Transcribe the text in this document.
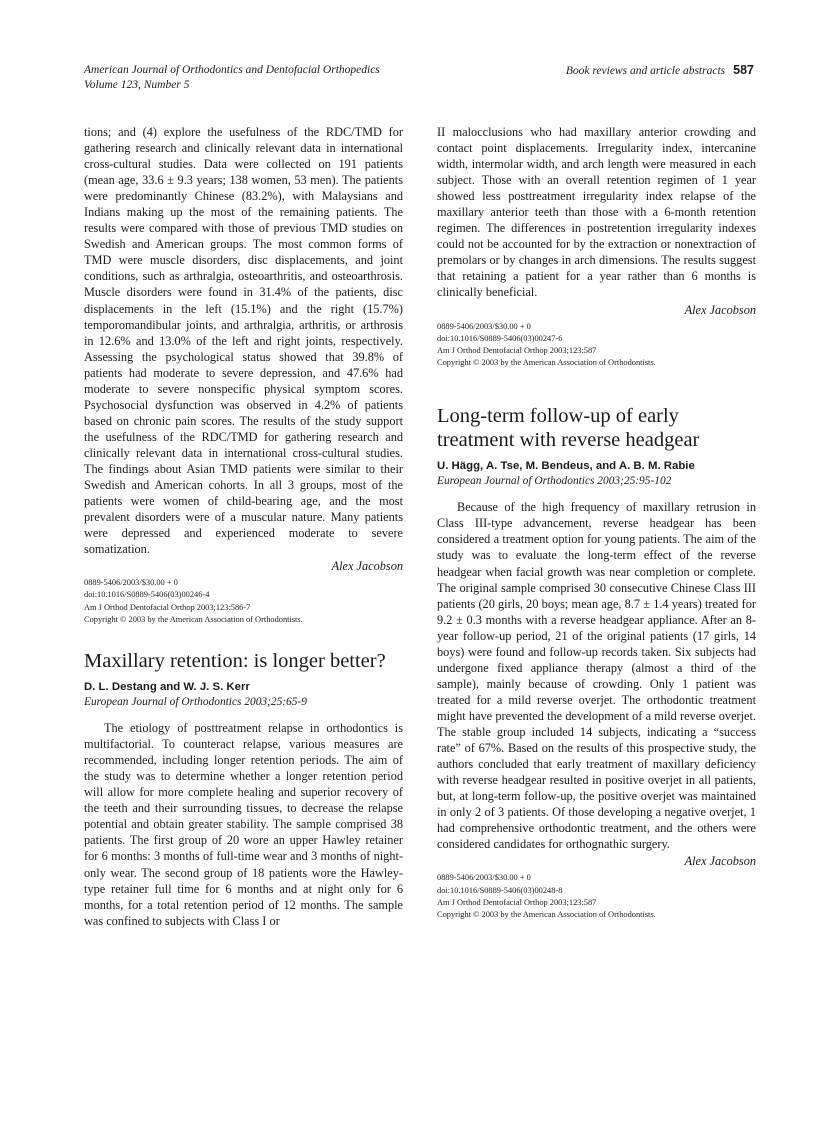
American Journal of Orthodontics and Dentofacial Orthopedics
Volume 123, Number 5
Book reviews and article abstracts 587

tions; and (4) explore the usefulness of the RDC/TMD for gathering research and clinically relevant data in international cross-cultural studies. Data were collected on 191 patients (mean age, 33.6 ± 9.3 years; 138 women, 53 men). The patients were predominantly Chinese (83.2%), with Malaysians and Indians making up the most of the remaining patients. The results were compared with those of previous TMD studies on Swedish and American groups. The most common forms of TMD were muscle disorders, disc displacements, and joint conditions, such as arthralgia, osteoarthritis, and osteoarthrosis. Muscle disorders were found in 31.4% of the patients, disc displacements in the left (15.1%) and the right (15.7%) temporomandibular joints, and arthralgia, arthritis, or arthrosis in 12.6% and 13.0% of the left and right joints, respectively. Assessing the psychological status showed that 39.8% of patients had moderate to severe depression, and 47.6% had moderate to severe nonspecific physical symptom scores. Psychosocial dysfunction was observed in 4.2% of patients based on chronic pain scores. The results of the study support the usefulness of the RDC/TMD for gathering research and clinically relevant data in international cross-cultural studies. The findings about Asian TMD patients were similar to their Swedish and American cohorts. In all 3 groups, most of the patients were women of child-bearing age, and the most prevalent disorders were of a muscular nature. Many patients were depressed and experienced moderate to severe somatization.

Alex Jacobson
0889-5406/2003/$30.00 + 0
doi:10.1016/S0889-5406(03)00246-4
Am J Orthod Dentofacial Orthop 2003;123:586-7
Copyright © 2003 by the American Association of Orthodontists.
Maxillary retention: is longer better?
D. L. Destang and W. J. S. Kerr
European Journal of Orthodontics 2003;25:65-9

The etiology of posttreatment relapse in orthodontics is multifactorial. To counteract relapse, various measures are recommended, including longer retention periods. The aim of the study was to determine whether a longer retention period will allow for more complete healing and superior recovery of the teeth and their surrounding tissues, to decrease the relapse potential and obtain greater stability. The sample comprised 38 patients. The first group of 20 wore an upper Hawley retainer for 6 months: 3 months of full-time wear and 3 months of night-only wear. The second group of 18 patients wore the Hawley-type retainer full time for 6 months and at night only for 6 months, for a total retention period of 12 months. The sample was confined to subjects with Class I or

II malocclusions who had maxillary anterior crowding and contact point displacements. Irregularity index, intercanine width, intermolar width, and arch length were measured in each subject. Those with an overall retention regimen of 1 year showed less posttreatment irregularity index relapse of the maxillary anterior teeth than those with a 6-month retention regimen. The differences in postretention irregularity indexes could not be accounted for by the extraction or nonextraction of premolars or by changes in arch dimensions. The results suggest that retaining a patient for a year rather than 6 months is clinically beneficial.

Alex Jacobson
0889-5406/2003/$30.00 + 0
doi:10.1016/S0889-5406(03)00247-6
Am J Orthod Dentofacial Orthop 2003;123:587
Copyright © 2003 by the American Association of Orthodontists.
Long-term follow-up of early
treatment with reverse headgear
U. Hägg, A. Tse, M. Bendeus, and A. B. M. Rabie
European Journal of Orthodontics 2003;25:95-102

Because of the high frequency of maxillary retrusion in Class III-type advancement, reverse headgear has been considered a treatment option for young patients. The aim of the study was to evaluate the long-term effect of the reverse headgear when facial growth was near completion or complete. The original sample comprised 30 consecutive Chinese Class III patients (20 girls, 20 boys; mean age, 8.7 ± 1.4 years) treated for 9.2 ± 0.3 months with a reverse headgear appliance. After an 8-year follow-up period, 21 of the original patients (17 girls, 14 boys) were found and follow-up records taken. Six subjects had undergone fixed appliance therapy (almost a third of the sample), mainly because of crowding. Only 1 patient was treated for a mild reverse overjet. The orthodontic treatment might have prevented the development of a mild reverse overjet. The stable group included 14 subjects, indicating a “success rate” of 67%. Based on the results of this prospective study, the authors concluded that early treatment of maxillary deficiency with reverse headgear resulted in positive overjet in all patients, but, at long-term follow-up, the positive overjet was maintained in only 2 of 3 patients. Of those developing a negative overjet, 1 had comprehensive orthodontic treatment, and the others were considered candidates for orthognathic surgery.

Alex Jacobson
0889-5406/2003/$30.00 + 0
doi:10.1016/S0889-5406(03)00248-8
Am J Orthod Dentofacial Orthop 2003;123:587
Copyright © 2003 by the American Association of Orthodontists.
